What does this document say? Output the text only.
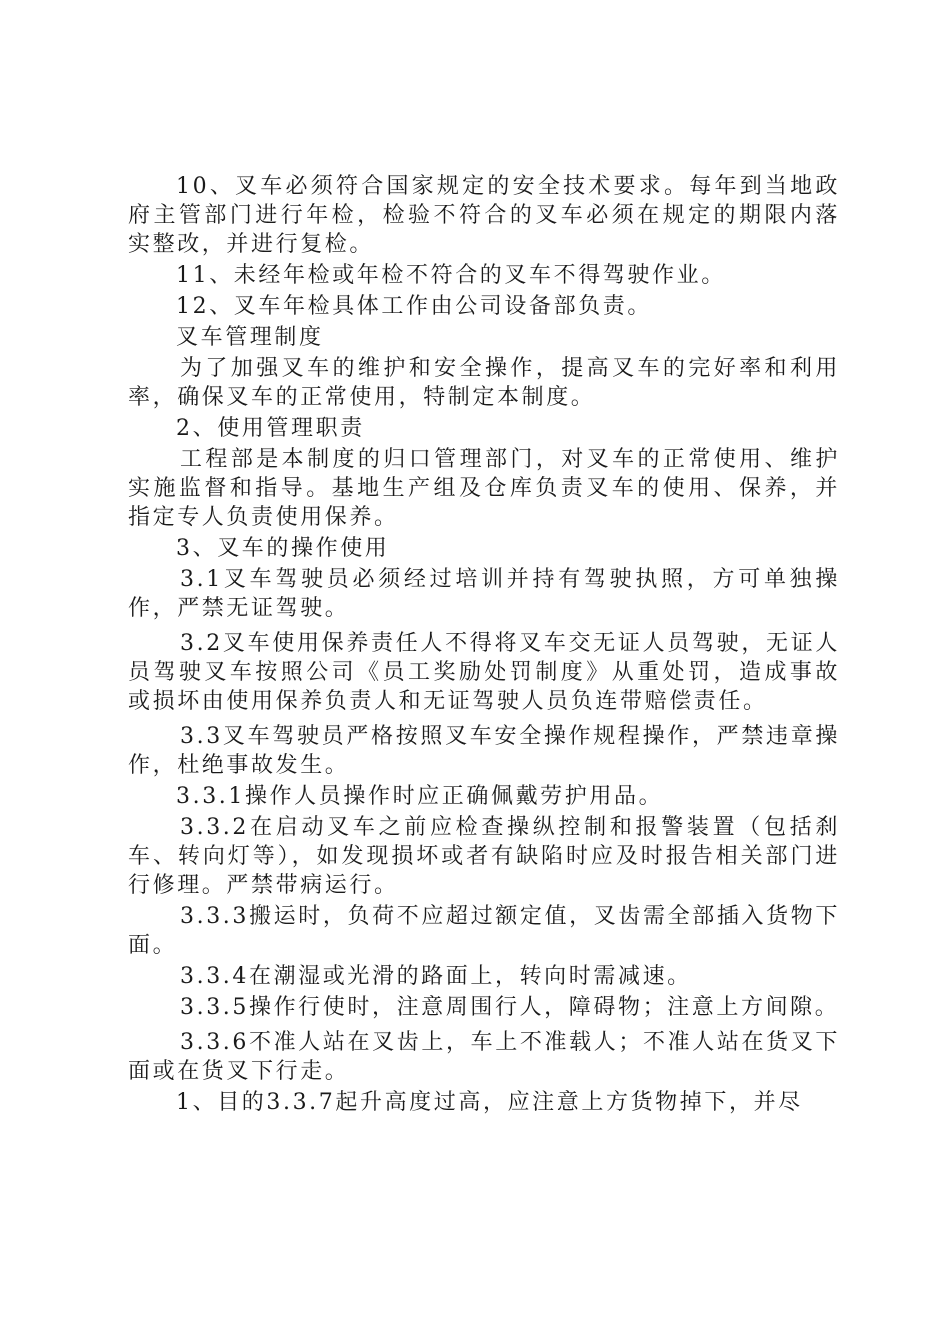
10、叉车必须符合国家规定的安全技术要求。每年到当地政府主管部门进行年检，检验不符合的叉车必须在规定的期限内落实整改，并进行复检。

11、未经年检或年检不符合的叉车不得驾驶作业。

12、叉车年检具体工作由公司设备部负责。

叉车管理制度

为了加强叉车的维护和安全操作，提高叉车的完好率和利用率，确保叉车的正常使用，特制定本制度。

2、使用管理职责

工程部是本制度的归口管理部门，对叉车的正常使用、维护实施监督和指导。基地生产组及仓库负责叉车的使用、保养，并指定专人负责使用保养。

3、叉车的操作使用

3.1叉车驾驶员必须经过培训并持有驾驶执照，方可单独操作，严禁无证驾驶。

3.2叉车使用保养责任人不得将叉车交无证人员驾驶，无证人员驾驶叉车按照公司《员工奖励处罚制度》从重处罚，造成事故或损坏由使用保养负责人和无证驾驶人员负连带赔偿责任。

3.3叉车驾驶员严格按照叉车安全操作规程操作，严禁违章操作，杜绝事故发生。

3.3.1操作人员操作时应正确佩戴劳护用品。

3.3.2在启动叉车之前应检查操纵控制和报警装置（包括刹车、转向灯等），如发现损坏或者有缺陷时应及时报告相关部门进行修理。严禁带病运行。

3.3.3搬运时，负荷不应超过额定值，叉齿需全部插入货物下面。

3.3.4在潮湿或光滑的路面上，转向时需减速。

3.3.5操作行使时，注意周围行人，障碍物；注意上方间隙。

3.3.6不准人站在叉齿上，车上不准载人；不准人站在货叉下面或在货叉下行走。

1、目的3.3.7起升高度过高，应注意上方货物掉下，并尽
